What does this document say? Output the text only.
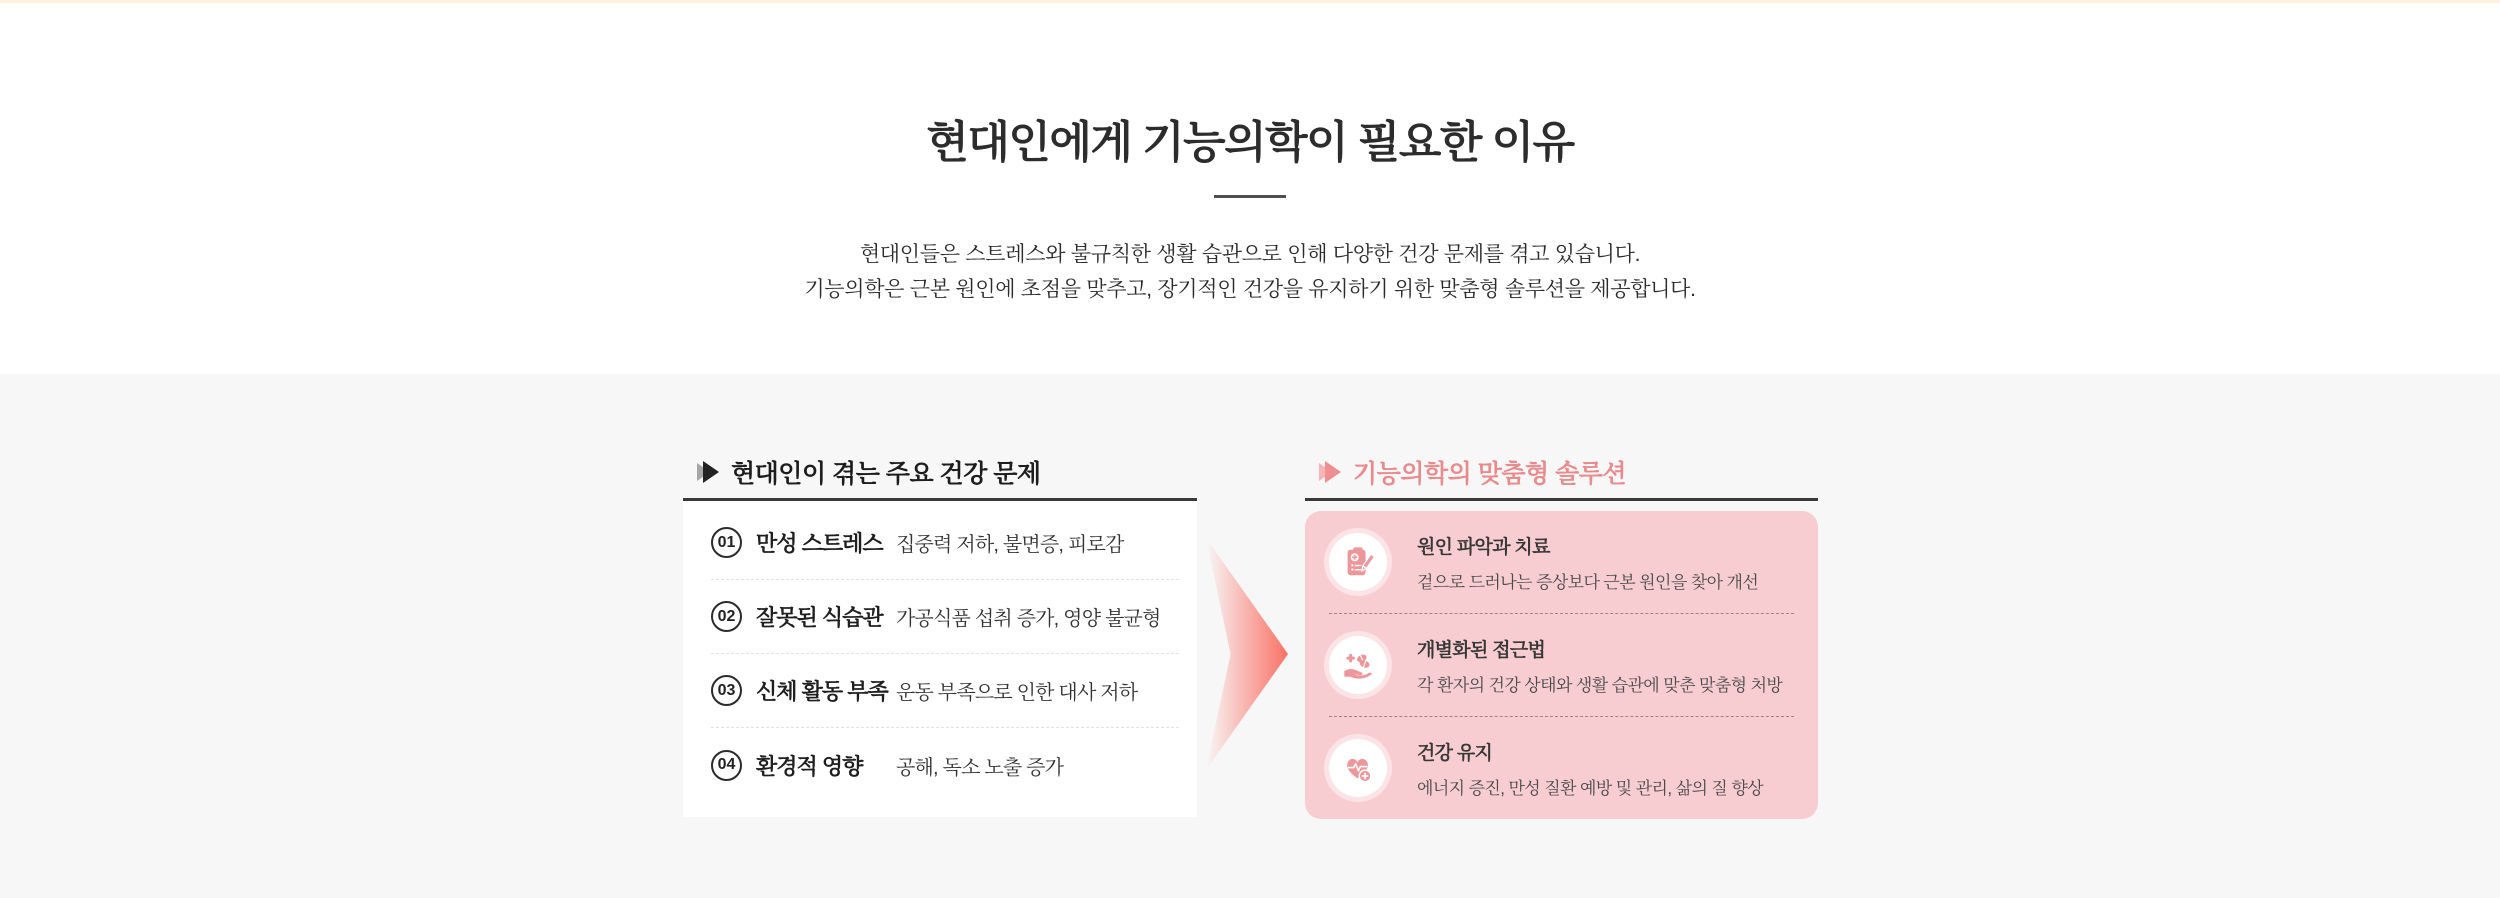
현대인에게 기능의학이 필요한 이유

현대인들은 스트레스와 불규칙한 생활 습관으로 인해 다양한 건강 문제를 겪고 있습니다.
기능의학은 근본 원인에 초점을 맞추고, 장기적인 건강을 유지하기 위한 맞춤형 솔루션을 제공합니다.

현대인이 겪는 주요 건강 문제
01 만성 스트레스 집중력 저하, 불면증, 피로감
02 잘못된 식습관 가공식품 섭취 증가, 영양 불균형
03 신체 활동 부족 운동 부족으로 인한 대사 저하
04 환경적 영향	공해, 독소 노출 증가
기능의학의 맞춤형 솔루션
원인 파악과 치료
겉으로 드러나는 증상보다 근본 원인을 찾아 개선
개별화된 접근법
각 환자의 건강 상태와 생활 습관에 맞춘 맞춤형 처방
건강 유지
에너지 증진, 만성 질환 예방 및 관리, 삶의 질 향상
